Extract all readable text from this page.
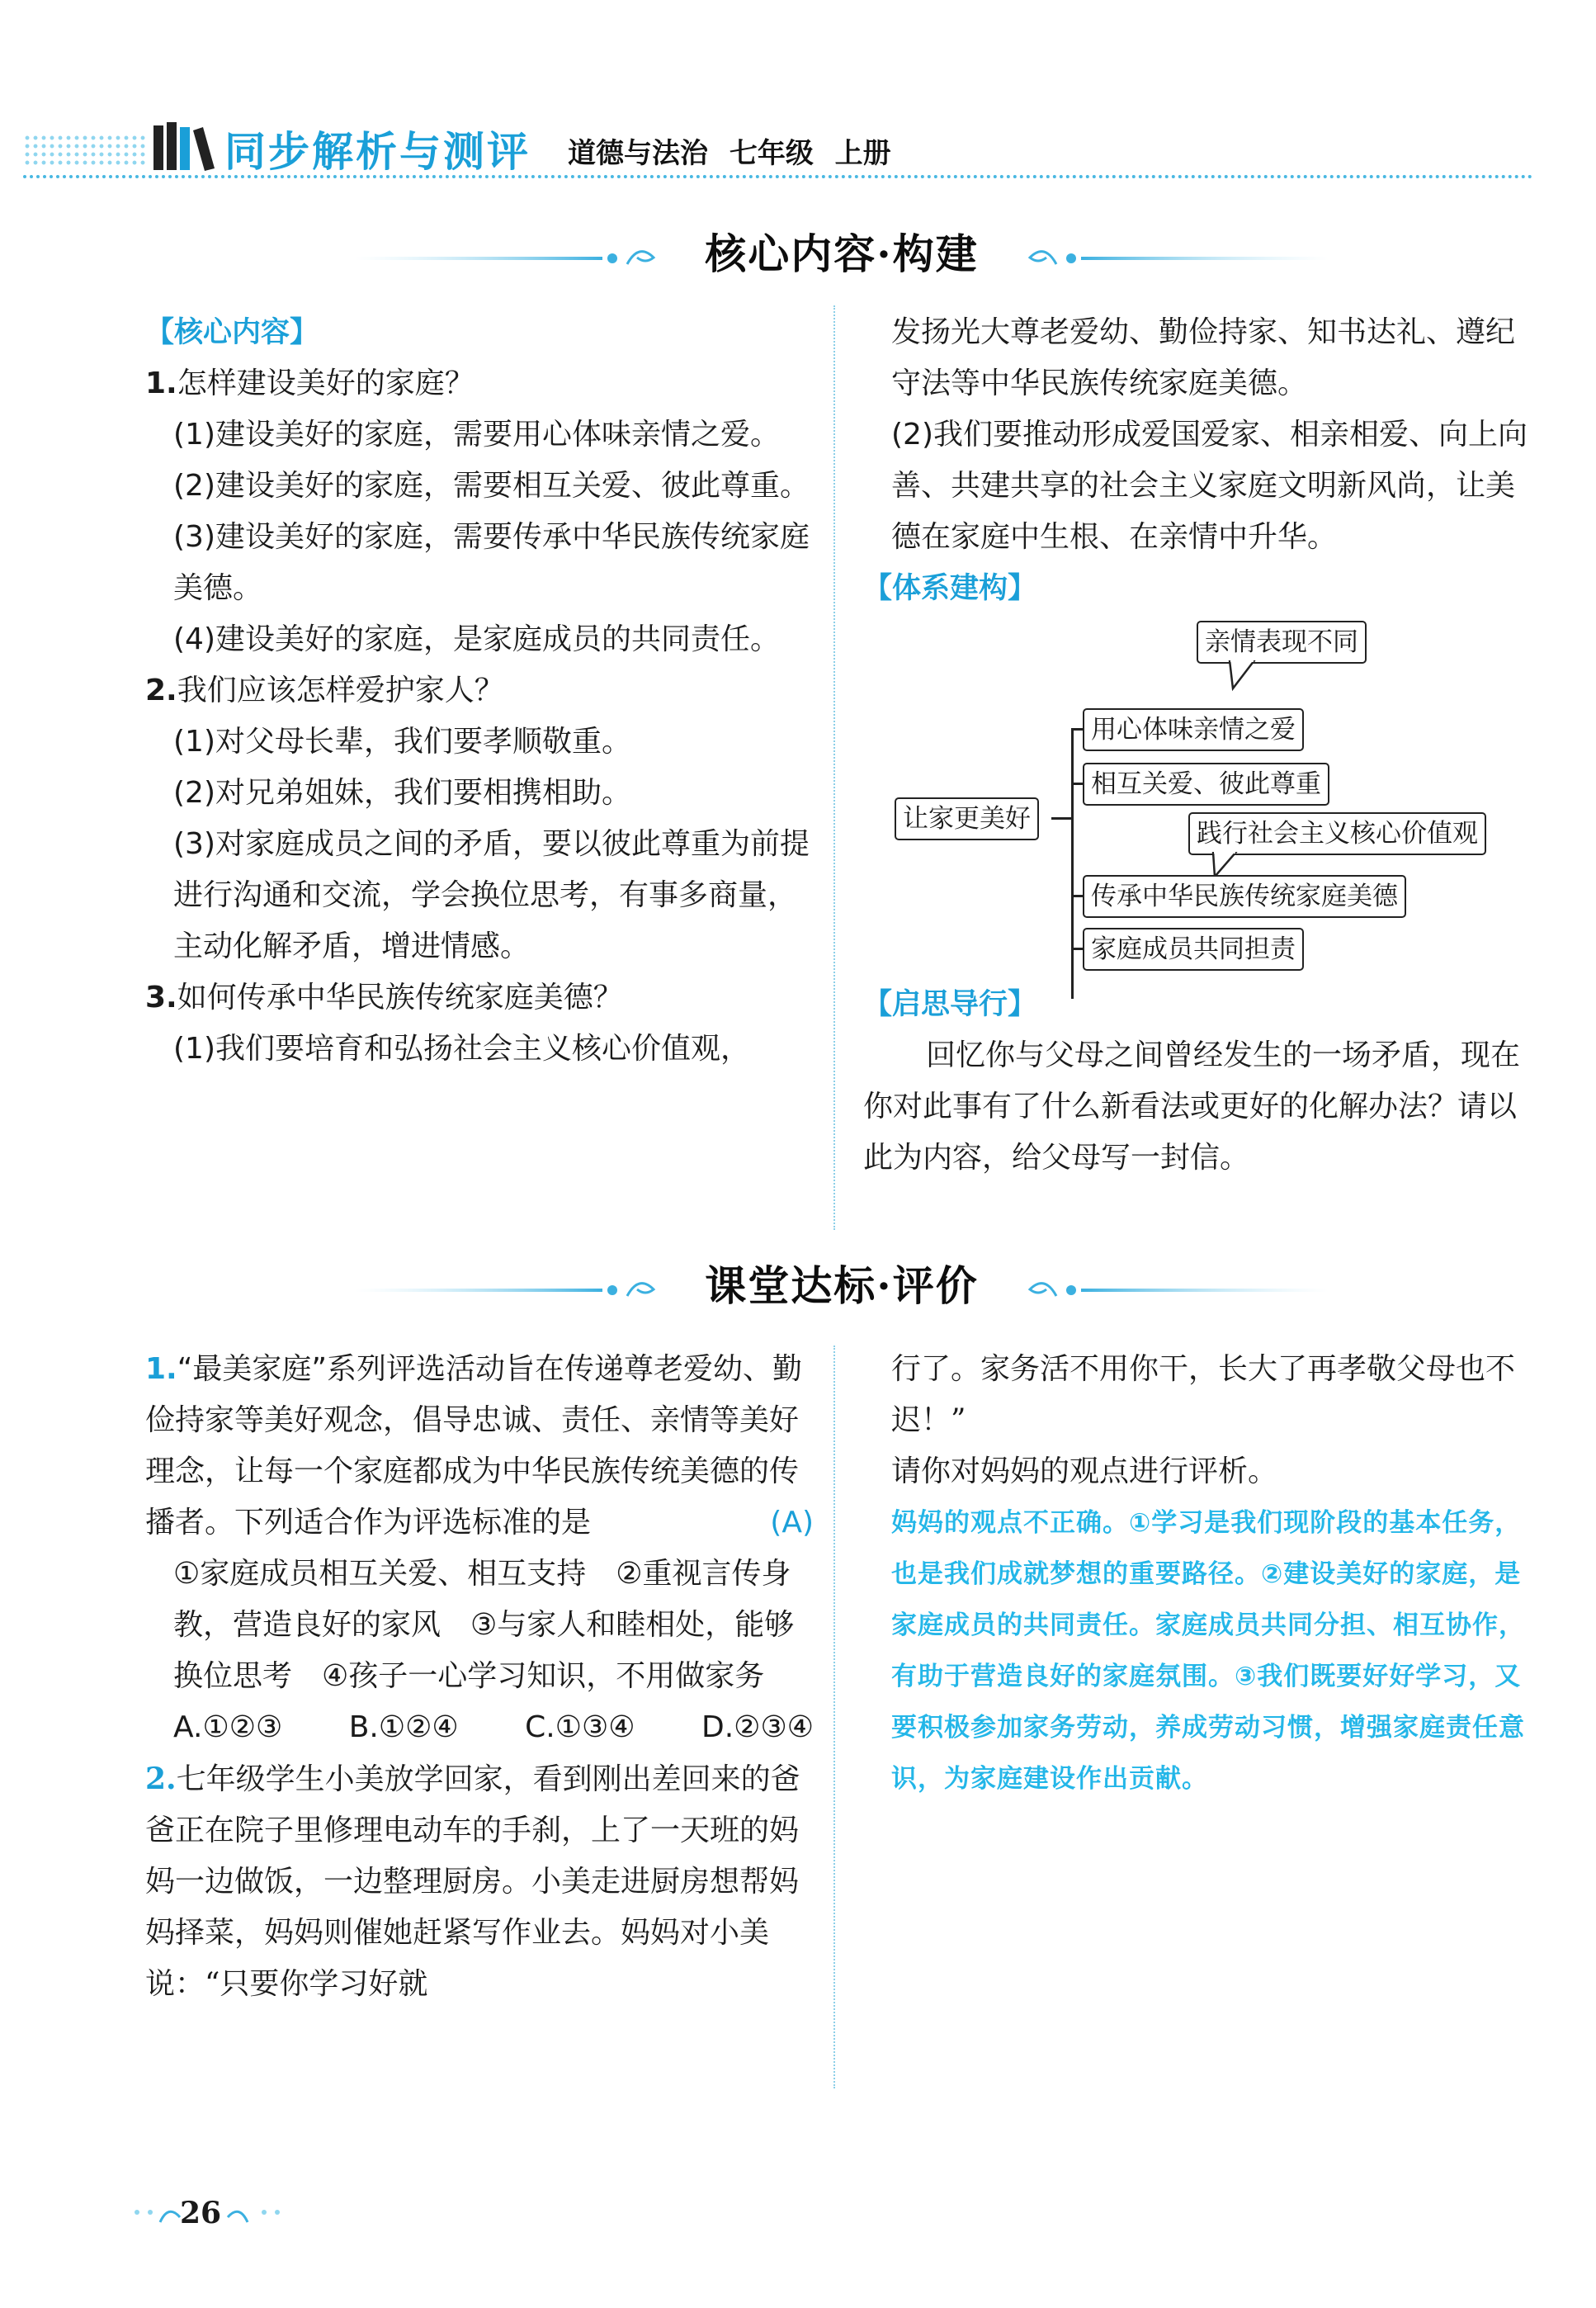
同步解析与测评 道德与法治 七年级 上册
核心内容·构建

【核心内容】

1.怎样建设美好的家庭？

(1)建设美好的家庭，需要用心体味亲情之爱。

(2)建设美好的家庭，需要相互关爱、彼此尊重。

(3)建设美好的家庭，需要传承中华民族传统家庭美德。

(4)建设美好的家庭，是家庭成员的共同责任。

2.我们应该怎样爱护家人？

(1)对父母长辈，我们要孝顺敬重。

(2)对兄弟姐妹，我们要相携相助。

(3)对家庭成员之间的矛盾，要以彼此尊重为前提进行沟通和交流，学会换位思考，有事多商量，主动化解矛盾，增进情感。

3.如何传承中华民族传统家庭美德？

(1)我们要培育和弘扬社会主义核心价值观，

发扬光大尊老爱幼、勤俭持家、知书达礼、遵纪守法等中华民族传统家庭美德。

(2)我们要推动形成爱国爱家、相亲相爱、向上向善、共建共享的社会主义家庭文明新风尚，让美德在家庭中生根、在亲情中升华。

【体系建构】

亲情表现不同
让家更美好
用心体味亲情之爱
相互关爱、彼此尊重
践行社会主义核心价值观
传承中华民族传统家庭美德
家庭成员共同担责

【启思导行】

回忆你与父母之间曾经发生的一场矛盾，现在你对此事有了什么新看法或更好的化解办法？请以此为内容，给父母写一封信。

课堂达标·评价

1.“最美家庭”系列评选活动旨在传递尊老爱幼、勤俭持家等美好观念，倡导忠诚、责任、亲情等美好理念，让每一个家庭都成为中华民族传统美德的传播者。下列适合作为评选标准的是	(A)

①家庭成员相互关爱、相互支持　②重视言传身教，营造良好的家风　③与家人和睦相处，能够换位思考　④孩子一心学习知识，不用做家务

A.①②③ B.①②④ C.①③④ D.②③④

2.七年级学生小美放学回家，看到刚出差回来的爸爸正在院子里修理电动车的手刹，上了一天班的妈妈一边做饭，一边整理厨房。小美走进厨房想帮妈妈择菜，妈妈则催她赶紧写作业去。妈妈对小美说：“只要你学习好就

行了。家务活不用你干，长大了再孝敬父母也不迟！”

请你对妈妈的观点进行评析。

妈妈的观点不正确。①学习是我们现阶段的基本任务，也是我们成就梦想的重要路径。②建设美好的家庭，是家庭成员的共同责任。家庭成员共同分担、相互协作，有助于营造良好的家庭氛围。③我们既要好好学习，又要积极参加家务劳动，养成劳动习惯，增强家庭责任意识，为家庭建设作出贡献。

26
